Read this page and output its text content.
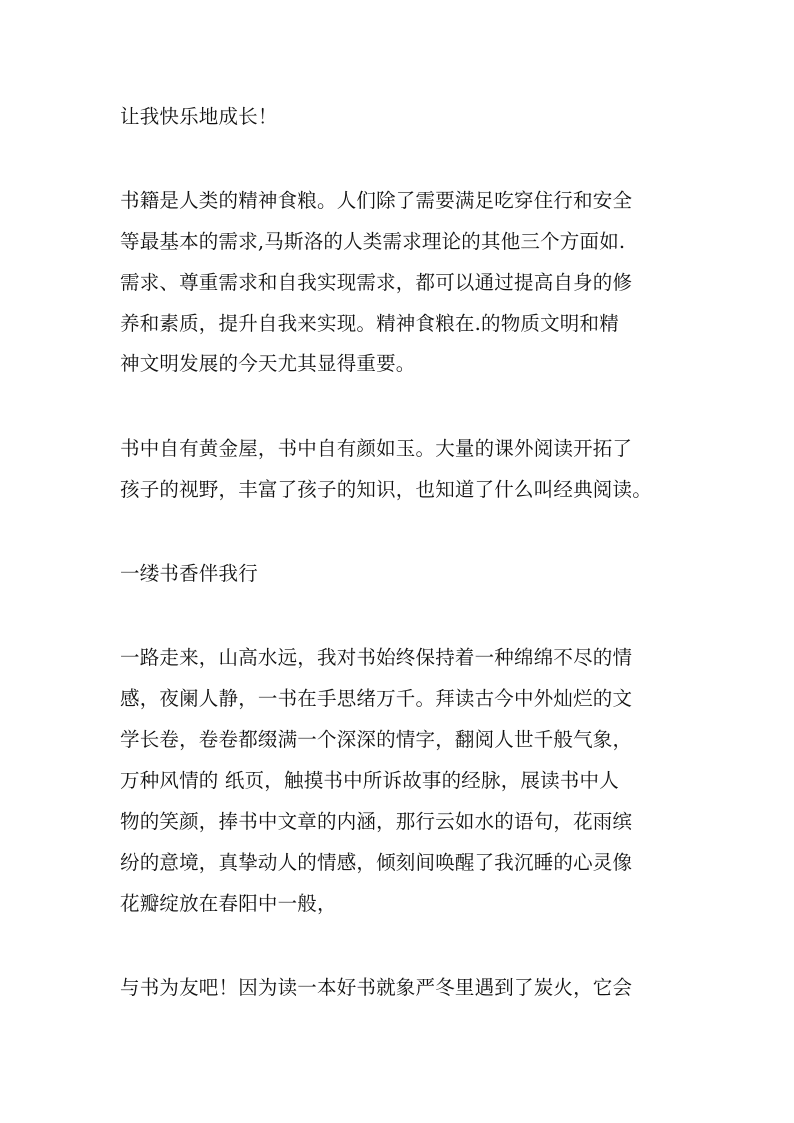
让我快乐地成长！
书籍是人类的精神食粮。人们除了需要满足吃穿住行和安全
等最基本的需求,马斯洛的人类需求理论的其他三个方面如.
需求、尊重需求和自我实现需求，都可以通过提高自身的修
养和素质，提升自我来实现。精神食粮在.的物质文明和精
神文明发展的今天尤其显得重要。
书中自有黄金屋，书中自有颜如玉。大量的课外阅读开拓了
孩子的视野，丰富了孩子的知识，也知道了什么叫经典阅读。
一缕书香伴我行
一路走来，山高水远，我对书始终保持着一种绵绵不尽的情
感，夜阑人静，一书在手思绪万千。拜读古今中外灿烂的文
学长卷，卷卷都缀满一个深深的情字，翻阅人世千般气象，
万种风情的 纸页，触摸书中所诉故事的经脉，展读书中人
物的笑颜，捧书中文章的内涵，那行云如水的语句，花雨缤
纷的意境，真挚动人的情感，倾刻间唤醒了我沉睡的心灵像
花瓣绽放在春阳中一般，
与书为友吧！因为读一本好书就象严冬里遇到了炭火，它会
